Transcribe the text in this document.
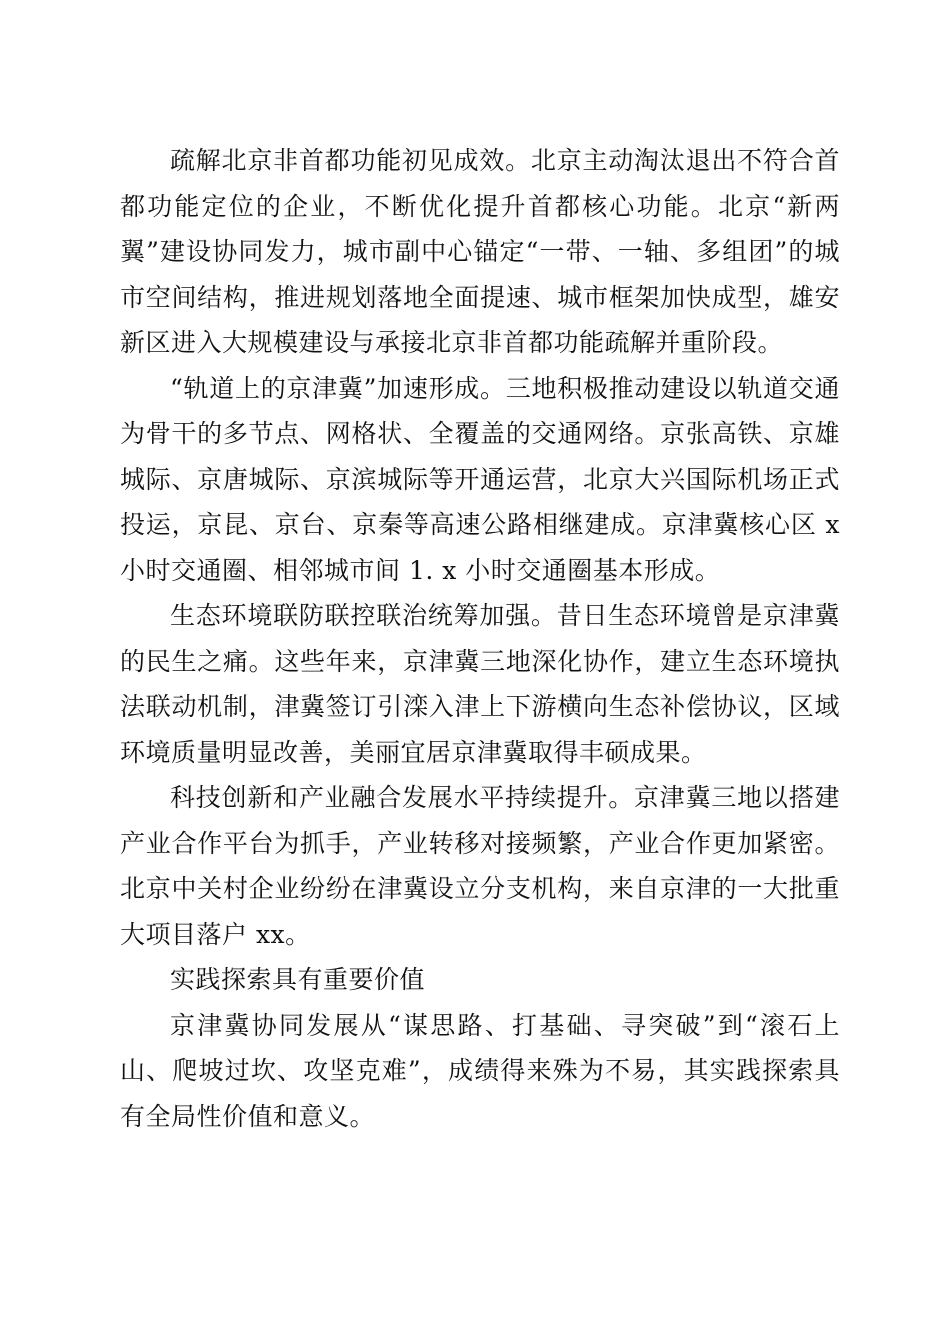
疏解北京非首都功能初见成效。北京主动淘汰退出不符合首都功能定位的企业，不断优化提升首都核心功能。北京“新两翼”建设协同发力，城市副中心锚定“一带、一轴、多组团”的城市空间结构，推进规划落地全面提速、城市框架加快成型，雄安新区进入大规模建设与承接北京非首都功能疏解并重阶段。

“轨道上的京津冀”加速形成。三地积极推动建设以轨道交通为骨干的多节点、网格状、全覆盖的交通网络。京张高铁、京雄城际、京唐城际、京滨城际等开通运营，北京大兴国际机场正式投运，京昆、京台、京秦等高速公路相继建成。京津冀核心区 x 小时交通圈、相邻城市间 1. x 小时交通圈基本形成。

生态环境联防联控联治统筹加强。昔日生态环境曾是京津冀的民生之痛。这些年来，京津冀三地深化协作，建立生态环境执法联动机制，津冀签订引滦入津上下游横向生态补偿协议，区域环境质量明显改善，美丽宜居京津冀取得丰硕成果。

科技创新和产业融合发展水平持续提升。京津冀三地以搭建产业合作平台为抓手，产业转移对接频繁，产业合作更加紧密。北京中关村企业纷纷在津冀设立分支机构，来自京津的一大批重大项目落户 xx。

实践探索具有重要价值

京津冀协同发展从“谋思路、打基础、寻突破”到“滚石上山、爬坡过坎、攻坚克难”，成绩得来殊为不易，其实践探索具有全局性价值和意义。
